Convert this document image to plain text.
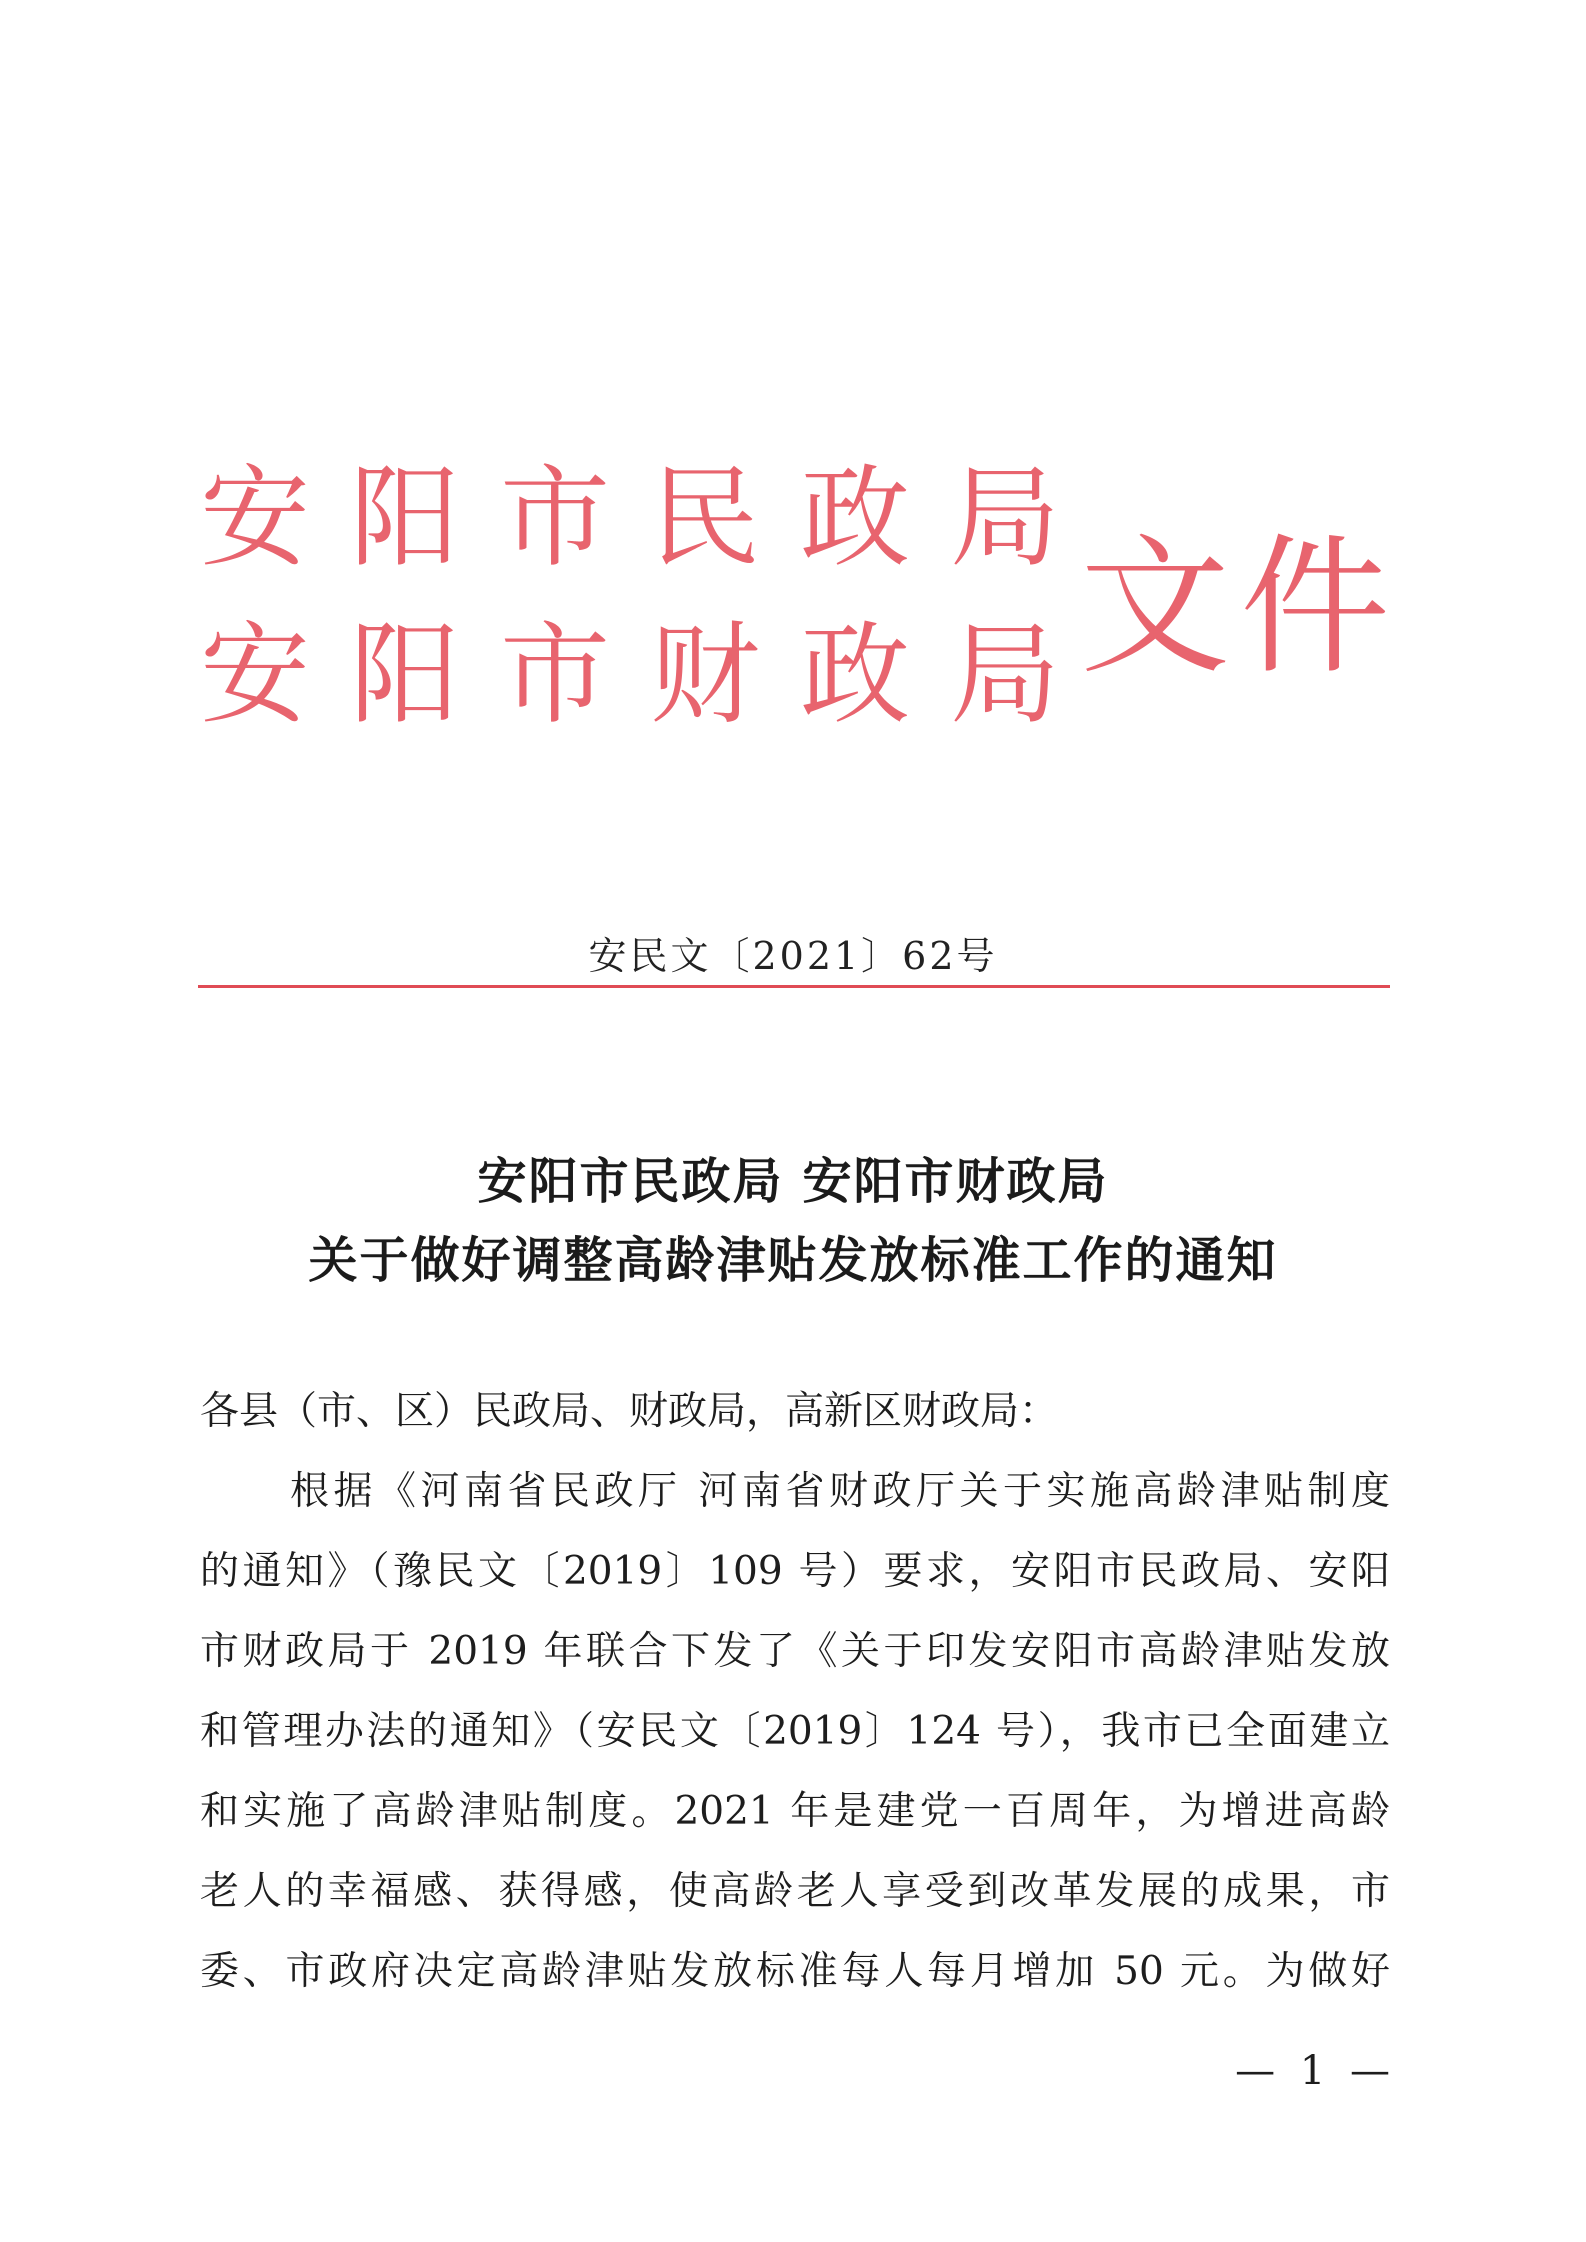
安阳市民政局
安阳市财政局
文件
安民文〔2021〕62号
安阳市民政局 安阳市财政局
关于做好调整高龄津贴发放标准工作的通知
各县（市、区）民政局、财政局，高新区财政局：
根据《河南省民政厅 河南省财政厅关于实施高龄津贴制度
的通知》（豫民文〔2019〕109 号）要求，安阳市民政局、安阳
市财政局于 2019 年联合下发了《关于印发安阳市高龄津贴发放
和管理办法的通知》（安民文〔2019〕124 号），我市已全面建立
和实施了高龄津贴制度。2021 年是建党一百周年，为增进高龄
老人的幸福感、获得感，使高龄老人享受到改革发展的成果，市
委、市政府决定高龄津贴发放标准每人每月增加 50 元。为做好
— 1 —
